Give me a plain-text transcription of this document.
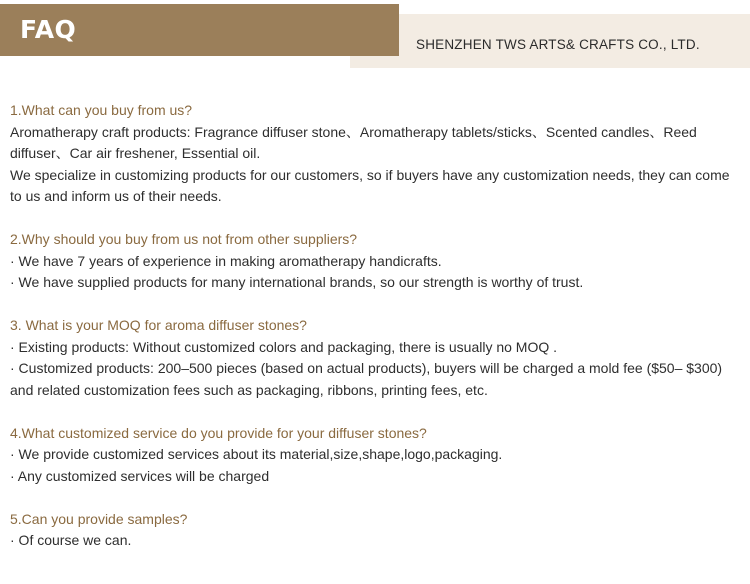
FAQ
SHENZHEN TWS ARTS& CRAFTS CO., LTD.

1.What can you buy from us?

Aromatherapy craft products: Fragrance diffuser stone、Aromatherapy tablets/sticks、Scented candles、Reed diffuser、Car air freshener, Essential oil.

We specialize in customizing products for our customers, so if buyers have any customization needs, they can come to us and inform us of their needs.

2.Why should you buy from us not from other suppliers?

· We have 7 years of experience in making aromatherapy handicrafts.

· We have supplied products for many international brands, so our strength is worthy of trust.

3. What is your MOQ for aroma diffuser stones?

· Existing products: Without customized colors and packaging, there is usually no MOQ .

· Customized products: 200–500 pieces (based on actual products), buyers will be charged a mold fee ($50– $300) and related customization fees such as packaging, ribbons, printing fees, etc.

4.What customized service do you provide for your diffuser stones?

· We provide customized services about its material,size,shape,logo,packaging.

· Any customized services will be charged

5.Can you provide samples?

· Of course we can.
